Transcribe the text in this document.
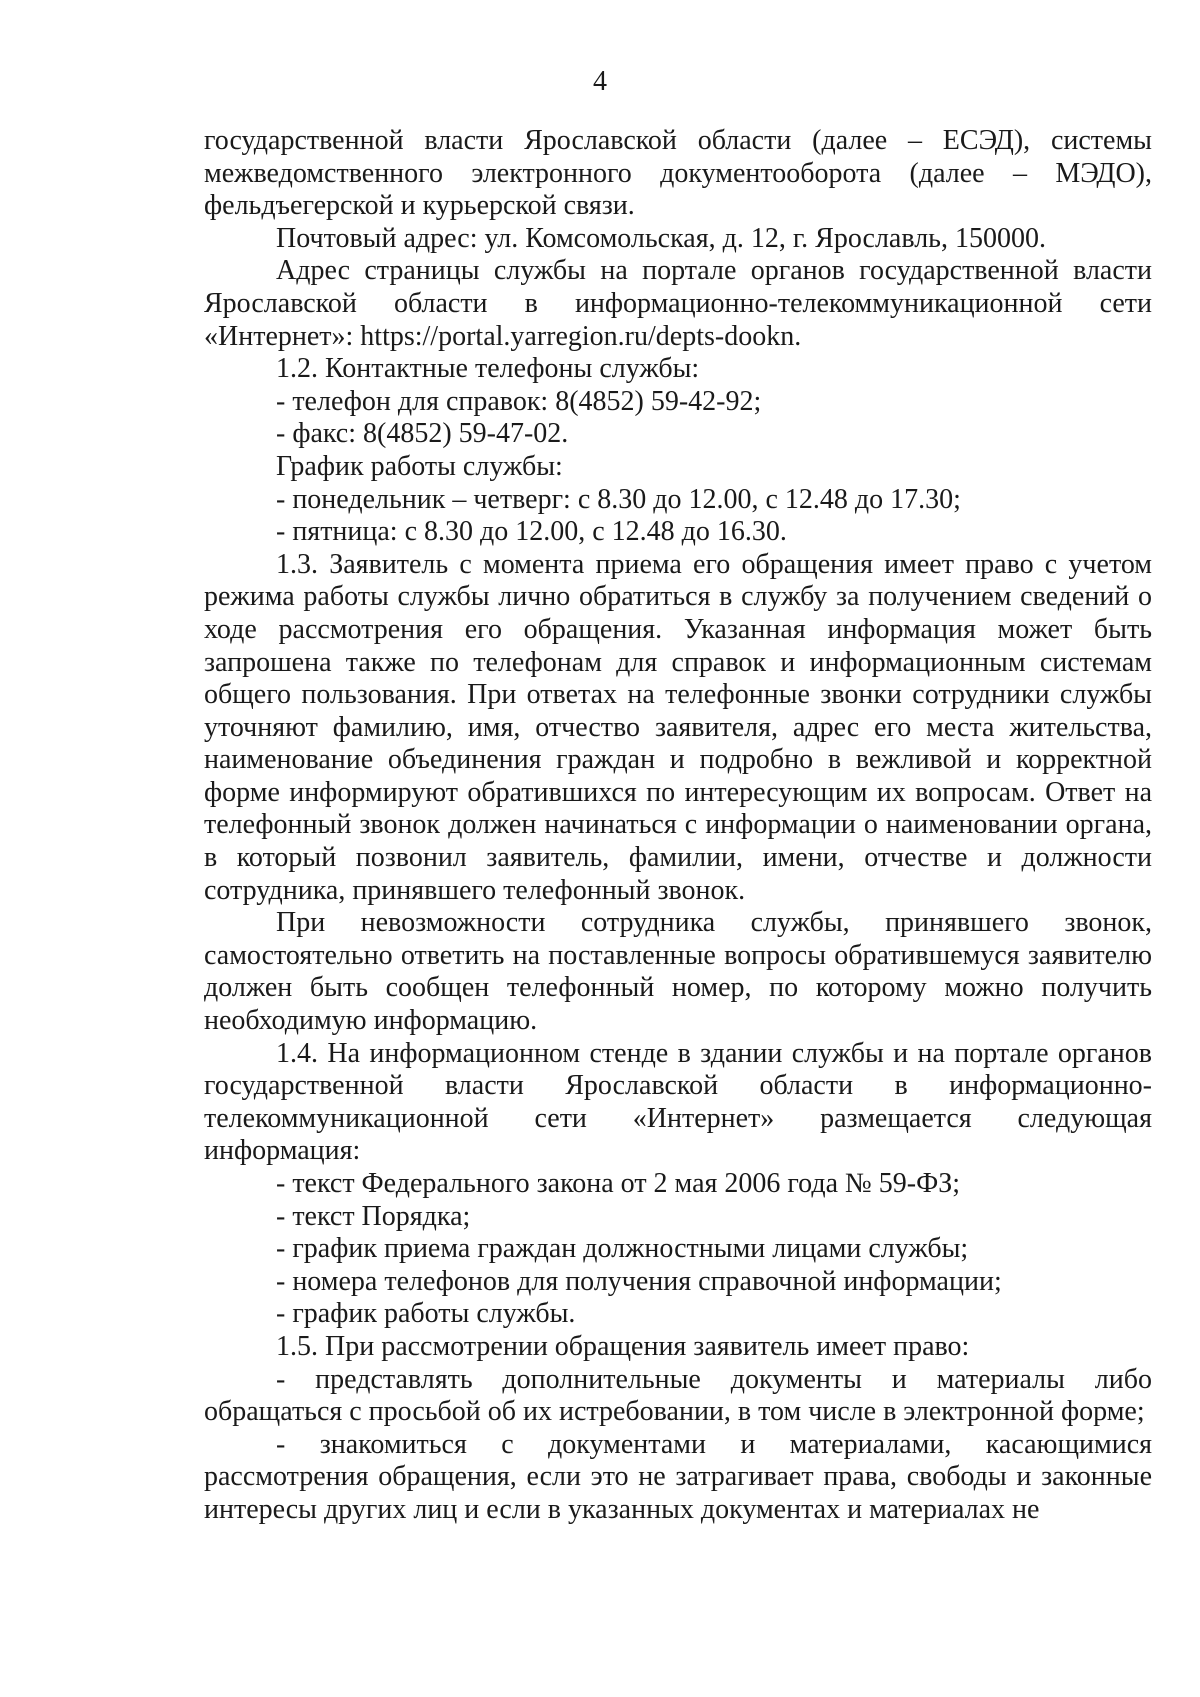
4

государственной власти Ярославской области (далее – ЕСЭД), системы межведомственного электронного документооборота (далее – МЭДО), фельдъегерской и курьерской связи.

Почтовый адрес: ул. Комсомольская, д. 12, г. Ярославль, 150000.

Адрес страницы службы на портале органов государственной власти Ярославской области в информационно-телекоммуникационной сети «Интернет»: https://portal.yarregion.ru/depts-dookn.

1.2. Контактные телефоны службы:

- телефон для справок: 8(4852) 59-42-92;

- факс: 8(4852) 59-47-02.

График работы службы:

- понедельник – четверг: с 8.30 до 12.00, с 12.48 до 17.30;

- пятница: с 8.30 до 12.00, с 12.48 до 16.30.

1.3. Заявитель с момента приема его обращения имеет право с учетом режима работы службы лично обратиться в службу за получением сведений о ходе рассмотрения его обращения. Указанная информация может быть запрошена также по телефонам для справок и информационным системам общего пользования. При ответах на телефонные звонки сотрудники службы уточняют фамилию, имя, отчество заявителя, адрес его места жительства, наименование объединения граждан и подробно в вежливой и корректной форме информируют обратившихся по интересующим их вопросам. Ответ на телефонный звонок должен начинаться с информации о наименовании органа, в который позвонил заявитель, фамилии, имени, отчестве и должности сотрудника, принявшего телефонный звонок.

При невозможности сотрудника службы, принявшего звонок, самостоятельно ответить на поставленные вопросы обратившемуся заявителю должен быть сообщен телефонный номер, по которому можно получить необходимую информацию.

1.4. На информационном стенде в здании службы и на портале органов государственной власти Ярославской области в информационно-телекоммуникационной сети «Интернет» размещается следующая информация:

- текст Федерального закона от 2 мая 2006 года № 59-ФЗ;

- текст Порядка;

- график приема граждан должностными лицами службы;

- номера телефонов для получения справочной информации;

- график работы службы.

1.5. При рассмотрении обращения заявитель имеет право:

- представлять дополнительные документы и материалы либо обращаться с просьбой об их истребовании, в том числе в электронной форме;

- знакомиться с документами и материалами, касающимися рассмотрения обращения, если это не затрагивает права, свободы и законные интересы других лиц и если в указанных документах и материалах не
